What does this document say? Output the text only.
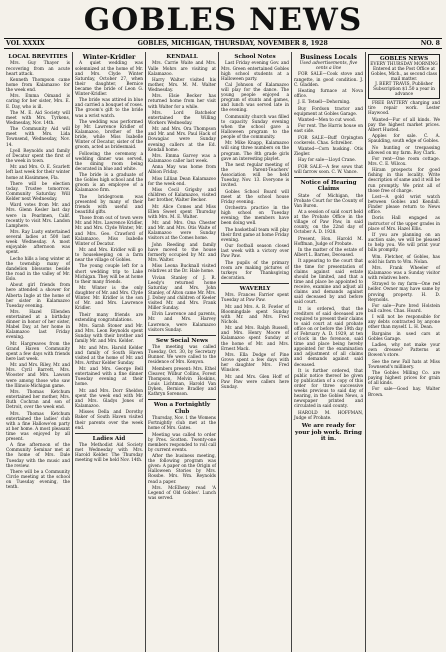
GOBLES NEWS
VOL XXXIX	GOBLES, MICHIGAN, THURSDAY, NOVEMBER 8, 1928	NO. 8
LOCAL BREVITIES

Mrs. Guy Thayer is recovering from an acute heart attack.

Kenneth Thompson came home from Kalamazoo for the week end.

Mrs. Emma Oimand is caring for her sister, Mrs. E. E. Day, who is ill.

The M. E. Aid Society will meet with Mrs. Tyrkens, Wednesday, Nov. 14th.

The Community Aid will meet with Mrs. Lida Townsend, Wednesday, Nov. 14.

Lyell Reynolds and family of Decatur spent the first of the week in town.

Mr. and Mrs. O. E. Scarlett left last week for their winter home at Kissimmee, Fla.

There will be election today. Trustee tomorrow. Community Saturday. Will Kelder next Wednesday.

Ward votes from Mr. and Mrs. Glenn Kesler last day were in Pearlmen, Calif. recently to visit Mrs. Landon Lamphere.

Mrs. Ray Lusty entertained several ladies at 500 last week Wednesday. A most enjoyable afternoon was spent.

Lecho hills a long winter at the township many of dandelion blossoms beside the road in the valley of Mr. Eslo.

About girl friends from here attended a shower for Alberta Ingle at the home of her sister in Kalamazoo Tuesday evening.

Mrs. Hazel Ellenden entertained at a birthday dinner in honor of her sister, Mabel Day, at her home in Kalamazoo last Friday evening.

Mr. Hargreaves from the Grand Haven Community spent a few days with friends here last week.

Mr. and Mrs. Riley, Mr. and Mrs. Cyril Barrett, Mrs. Wooster and Mrs. Lawson were among those who saw the Illinois-Michigan game.

Mrs. Thomas Ketchum entertained her mother, Mrs. Ruth Cochran and son of Detroit, over the week end.

Mrs. Thomas Ketchum entertained the ladies' club with a fine Hallowe'en party at her home. A most pleasant time was enjoyed by all present.

A fine afternoon of the Community Seminar met at the home of Mrs. Dale Tuesday with the music and the review.

There will be a Community Circle meeting at the school on Tuesday evening, the tenth.

Winter-Kridler

A quiet wedding was solemnized at the home of Mr. and Mrs. Clyde Winter Saturday, October 27, when their daughter, Bernice became the bride of Leon G. Winter-Kridler.

The bride was attired in blue and carried a bouquet of roses. The groom's gift to the bride was a wrist watch.

The wedding was performed by Mr. Lawrence Kridler of Kalamazoo, brother of the bride, while Miss Isabelle Winter of Decatur, sister of the groom, acted as bridesmaid.

Following the ceremony a wedding dinner was served, the dining room being decorated in blue and white.

The bride is a graduate of the Gobles high school and the groom is an employee of a Kalamazoo firm.

The bridegroom was presented by many of their friends with useful and beautiful gifts.

Those from out of town were Mr. and Mrs. Lawrence Kridler, Mr. and Mrs. Clyde Winter, Mr. and Mrs. Geo. Crawford of Kalamazoo, Miss Isabelle Winter of Decatur.

Mr. and Mrs. Kridler will go to housekeeping on a farm near the village of Gobles.

The young couple left for a short wedding trip to Lake Michigan. They will be at home to their many friends.

Mr. Winter is the only daughter of Mr. and Mrs. Clyde Winter. Mr. Kridler is the son of Mr. and Mrs. Lawrence Kridler.

Their many friends are extending congratulations.

Mrs. Sarah Stoner and Mr. and Mrs. Leon Reynolds spent Sunday with their brother and family Mr. and Mrs. Kelder.

Mr. and Mrs. Harold Kelder and family of South Haven visited at the home of Mr. and Mrs. Arthur Kelder Sunday.

Mr. and Mrs. George Bell entertained with a fine dinner Tuesday evening at their home.

Mr. and Mrs. Dorr Sheldon spent the week end with Mr. and Mrs. Gladys Jones of Kalamazoo.

Misses Della and Dorothy Baker of South Haven visited their parents over the week end.

Ladies Aid

The Methodist Aid Society met Wednesday with Mrs. Harold Kelder. The Thursday meeting will be held Nov. 14th.

KENDALL

Mrs. Carrie Waite and Mrs. Valle Mohrs are visiting at Kalamazoo.

Harry Walter visited his mother, Mrs. M. M. Walter Wednesday.

Mrs. Elsie Becker has returned home from her visit with Walter for a while.

Mrs. Lord Batchelor entertained the Willing Workers Wednesday.

Mr. and Mrs. Ora Thompson and Mr. and Mrs. Paul Hack of Dowagiac were Sunday evening callers at the Ed. Kendall home.

Mrs. Emma Garvey was a Kalamazoo caller last week.

Anna May was home from Albion Friday.

Miss Lillian Dean Kalamazoo for the week end.

Miss Cecil Grigsby and children of Kalamazoo, visited her brother, Walter Becker.

Mr. Alice Comes and Miss Ellen Sweet spent Thursday with Mrs. M. E. Walter.

Mr. and Mrs. Ona Chester and Mr. and Mrs. Otis Waite of Kalamazoo were Sunday visitors at the Comes home.

John Reeding and family have moved to the house formerly occupied by Mr. and Mrs. Walter.

Miss Leona Bucknall visited relatives at the Dr. Hale home.

Vivian Stanley of J. R. Leedy's returned home Saturday and Mrs. John Stanley, of Alton came Mr. Mrs. J. Dobey and children of Keeler visited Mr. and Mrs. Frank Miller Sunday.

Elvin Lawrence and parents, Mr. and Mrs. Harvey Lawrence, were Kalamazoo visitors Sunday.

Sew Social News

The meeting was called Tuesday, Oct. 30, by Secretary Bunner. We were called to the residence of Mrs. Kenyon.

Members present: Mrs. Ethel Cleaver, Wilbur Collins, Forest Thompson, Melvin Hoskins, Louis Lichtman, Harold Van Dyken, Bernice Bradley and Kathryn Sorenson.

Won a Fortnightly Club

Thursday, Nov. 1 the Womens Fortnightly club met at the home of Mrs. Gates.

Meeting was called to order by Pres. Scotten. Twenty-one members responded to roll call by current events.

After the business meeting, the following program was given: A paper on the Origin of Halloween Stories by Mrs. Rossbe. Mrs. Wm. Reynolds read a paper.

Mrs. McElheny read 'A Legend of Old Gobles'. Lunch was served.

School Notes

Last Friday evening Gov. and Mrs. Green entertained Gobles high school students at a Halloween party.

Cal Johnson of Kalamazoo will play for the dance. The young people enjoyed a program of stunts and games, and lunch was served late in the evening.

Community church was filled to capacity Sunday evening when the school gave a Halloween program to the people of the community.

Mr. Mike Knapp, Kalamazoo will sing three numbers on the program. The 8th grade girls gave an interesting playlet.

The next regular meeting of the Parent-Teachers' Association will be held Tuesday, Nov. 13. Everyone is invited.

Gobles School Board will meet at the school house Friday evening.

Orchestra practice in the high school on Tuesday evening; the members have been doing well.

The basketball team will play their first game at home Friday evening.

Our football season closed last week with a victory over Paw Paw.

The pupils of the primary room are making pictures of turkeys for Thanksgiving decoration.

WAVERLY

Mrs. Frances Farrier spent Tuesday at Paw Paw.

Mr. and Mrs. A. B. Fowler of Bloomingdale spent Sunday with Mr. and Mrs. Fred Nichols.

Mr. and Mrs. Ralph Russell, and Mrs. Henry Moore of Kalamazoo spent Sunday at the home of Mr. and Mrs. Ernest Mack.

Mrs. Ella Dodge of Pine Grove spent a few days with her daughter Mrs. Fred Winslow.

Mr. and Mrs. Glen Hoff of Paw Paw were callers here Sunday.

Business Locals
Used advertisements, five cents a line

FOR SALE—Cook stove and rangette, in good condition. J. C. Gladden.

Heating furnace at Nova office.

J. E. Tetsell—Dehorning.

Buy Fordson tractor and equipment at Gobles Garage.

Wanted—Men to cut wood.

For rent. The Harris house on east side.

FOR SALE—Buff Orpington cockerels. Chas. Schreiber.

Wanted—Corn husking. Otis Ziegler.

Hay for sale—Lloyd Crane.

FOR SALE—A few sows that will farrow soon. C. W. Vance.

Notice of Hearing Claims

State of Michigan, the Probate Court for the County of Van Buren.

At a session of said court held at the Probate Office in the village of Paw Paw, in said county, on the 22nd day of October A. D. 1928.

Present, Hon. Harold M. Hoffman, Judge of Probate.

In the matter of the estate of Albert L. Barnes, Deceased.

It appearing to the court that the time for presentation of claims against said estate should be limited, and that a time and place be appointed to receive, examine and adjust all claims and demands against said deceased by and before said court.

It is ordered, that the creditors of said deceased are required to present their claims to said court at said probate office on or before the 19th day of February A. D. 1929, at ten o'clock in the forenoon, said time and place being hereby appointed for the examination and adjustment of all claims and demands against said deceased.

It is further ordered, that public notice thereof be given by publication of a copy of this order for three successive weeks previous to said day of hearing, in the Gobles News, a newspaper printed and circulated in said county.

HAROLD M. HOFFMAN, Judge of Probate.

We are ready for your job work. Bring it in.
GOBLES NEWS
EVERY THURSDAY MORNING
Entered at the Post Office at Gobles, Mich., as second class mail matter.
J. BERT TRAVIS, Publisher
Subscription $1.50 a year in advance

FREE BATTERY charging and tire repair work. Lester Haywood.

Wanted—Fur of all kinds. We pay the highest market prices. Albert Husted.

Apples for sale. C. A. Spaulding, south edge of Gobles.

No hunting or trespassing allowed on my farm. Roy Clark.

For rent—One room cottage. Mrs. C. E. Wilcox.

Hiram prospects for good fishing in this locality. Write description of same and it will be run promptly. We print all of those free of charge.

Lost—A gold wrist watch between Gobles and Kendall. Finder please return to News office.

Doris Hall engaged as instructor of the upper grades in place of Mrs. Hazel Ellis.

If you are planning on an auction sale, we will be pleased to help you. We will print your bills promptly.

Wm. Fletcher, of Gobles, has sold his farm to Wm. Nolan.

Mrs. Frank Wheeler of Kalamazoo was a Sunday visitor with relatives here.

Strayed to my farm—One red heifer. Owner may have same by proving property. H. D. Reynolds.

For sale—Pure bred Holstein bull calves. Chas. Hoard.

I will not be responsible for any debts contracted by anyone other than myself. L. H. Dean.

Bargains in used cars at Gobles Garage.

Ladies, why not make your own dresses? Patterns at Bowen's store.

See the new Fall hats at Miss Townsend's millinery.

The Gobles Milling Co. are paying highest prices for grain of all kinds.

For sale—Good hay. Walter Brown.
